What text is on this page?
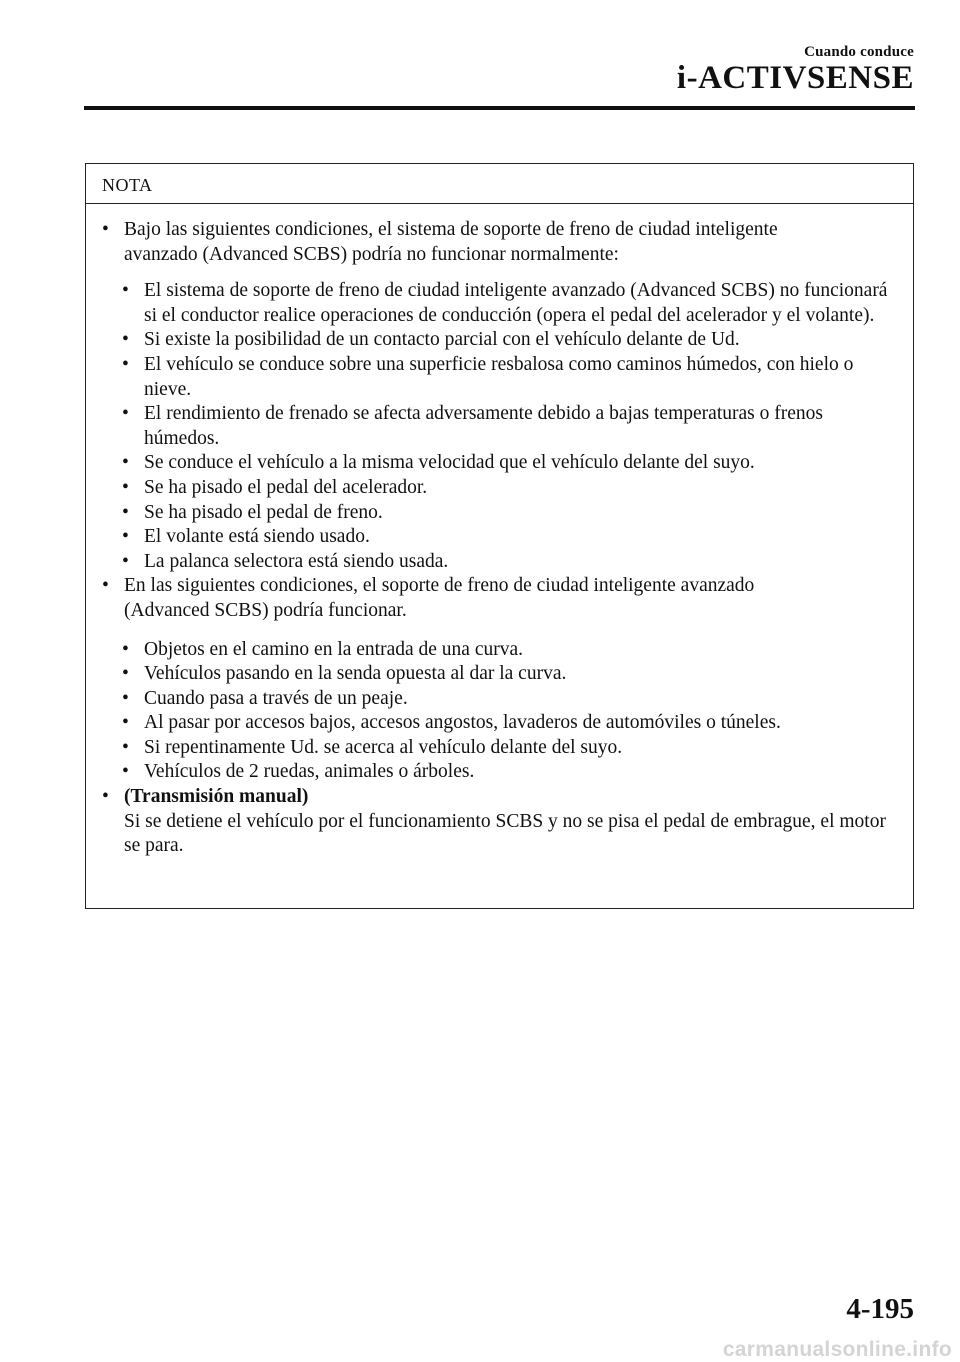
Cuando conduce
i-ACTIVSENSE
NOTA
• Bajo las siguientes condiciones, el sistema de soporte de freno de ciudad inteligente
avanzado (Advanced SCBS) podría no funcionar normalmente:
• El sistema de soporte de freno de ciudad inteligente avanzado (Advanced SCBS) no funcionará si el conductor realice operaciones de conducción (opera el pedal del acelerador y el volante).
• Si existe la posibilidad de un contacto parcial con el vehículo delante de Ud.
• El vehículo se conduce sobre una superficie resbalosa como caminos húmedos, con hielo o nieve.
• El rendimiento de frenado se afecta adversamente debido a bajas temperaturas o frenos húmedos.
• Se conduce el vehículo a la misma velocidad que el vehículo delante del suyo.
• Se ha pisado el pedal del acelerador.
• Se ha pisado el pedal de freno.
• El volante está siendo usado.
• La palanca selectora está siendo usada.
• En las siguientes condiciones, el soporte de freno de ciudad inteligente avanzado
(Advanced SCBS) podría funcionar.
• Objetos en el camino en la entrada de una curva.
• Vehículos pasando en la senda opuesta al dar la curva.
• Cuando pasa a través de un peaje.
• Al pasar por accesos bajos, accesos angostos, lavaderos de automóviles o túneles.
• Si repentinamente Ud. se acerca al vehículo delante del suyo.
• Vehículos de 2 ruedas, animales o árboles.
• (Transmisión manual)
Si se detiene el vehículo por el funcionamiento SCBS y no se pisa el pedal de embrague, el motor se para.
4-195
carmanualsonline.info
